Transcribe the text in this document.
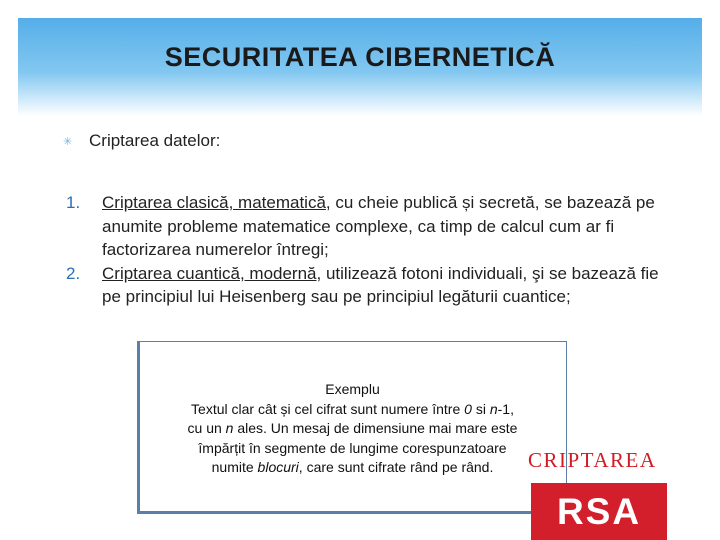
SECURITATEA CIBERNETICĂ
✳ Criptarea datelor:
1. Criptarea clasică, matematică, cu cheie publică și secretă, se bazează pe anumite probleme matematice complexe, ca timp de calcul cum ar fi factorizarea numerelor întregi;
2. Criptarea cuantică, modernă, utilizează fotoni individuali, şi se bazează fie pe principiul lui Heisenberg sau pe principiul legăturii cuantice;

Exemplu

Textul clar cât și cel cifrat sunt numere între 0 si n-1,

cu un n ales. Un mesaj de dimensiune mai mare este

împărțit în segmente de lungime corespunzatoare

numite blocuri, care sunt cifrate rând pe rând.	CRIPTAREA
RSA
